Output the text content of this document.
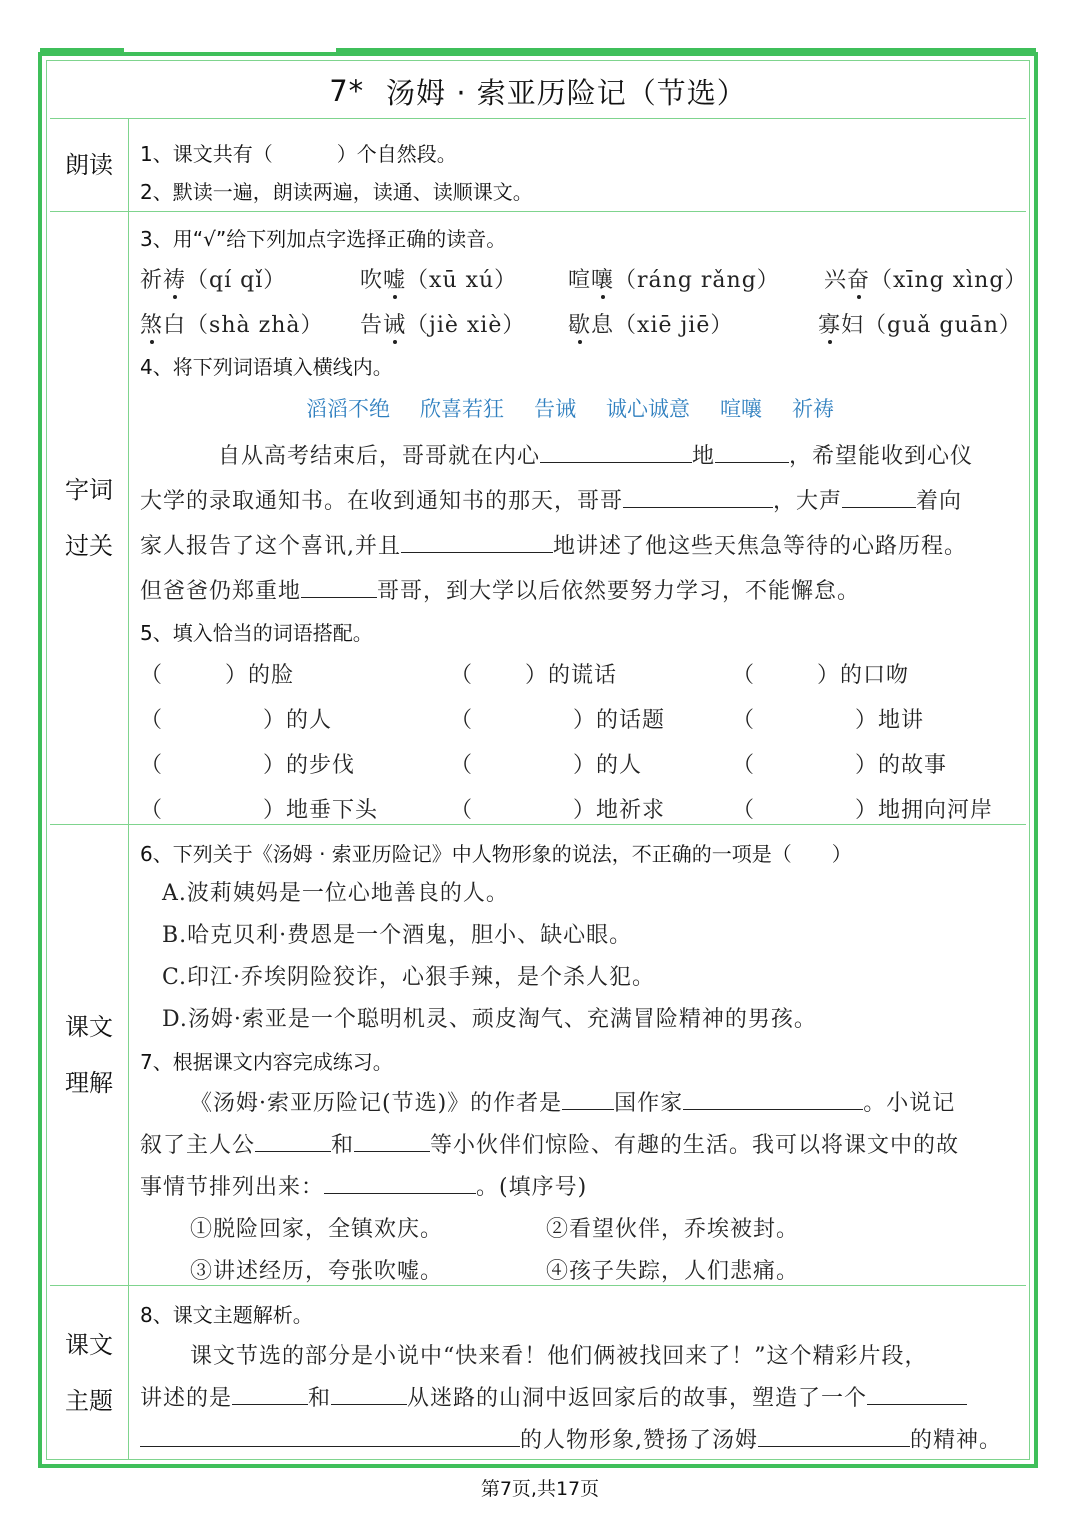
7* 汤姆 · 索亚历险记（节选）
朗读 1、课文共有（	）个自然段。
2、默读一遍，朗读两遍，读通、读顺课文。
字词
过关
3、用“√”给下列加点字选择正确的读音。
祈祷（qí qǐ）	吹嘘（xū xú） 喧嚷（ráng rǎng） 兴奋（xīng xìng）
煞白（shà zhà） 告诫（jiè xiè） 歇息（xiē jiē）	寡妇（guǎ guān）
4、将下列词语填入横线内。
滔滔不绝 欣喜若狂 告诫 诚心诚意 喧嚷 祈祷
自从高考结束后，哥哥就在内心	地	，希望能收到心仪
大学的录取通知书。在收到通知书的那天，哥哥	，大声	着向
家人报告了这个喜讯,并且	地讲述了他这些天焦急等待的心路历程。
但爸爸仍郑重地	哥哥，到大学以后依然要努力学习，不能懈怠。
5、填入恰当的词语搭配。
（	）的脸	（ ）的谎话	（	）的口吻
（	）的人	（	）的话题	（	）地讲
（	）的步伐	（	）的人	（	）的故事
（	）地垂下头	（	）地祈求	（	）地拥向河岸
课文
理解
6、下列关于《汤姆 · 索亚历险记》中人物形象的说法，不正确的一项是（ ）
A.波莉姨妈是一位心地善良的人。
B.哈克贝利·费恩是一个酒鬼，胆小、缺心眼。
C.印江·乔埃阴险狡诈，心狠手辣，是个杀人犯。
D.汤姆·索亚是一个聪明机灵、顽皮淘气、充满冒险精神的男孩。
7、根据课文内容完成练习。
《汤姆·索亚历险记(节选)》的作者是 国作家	。小说记
叙了主人公	和	等小伙伴们惊险、有趣的生活。我可以将课文中的故
事情节排列出来：	。(填序号)
①脱险回家，全镇欢庆。	②看望伙伴，乔埃被封。
③讲述经历，夸张吹嘘。	④孩子失踪，人们悲痛。
课文
主题
8、课文主题解析。
课文节选的部分是小说中“快来看！他们俩被找回来了！”这个精彩片段，
讲述的是	和	从迷路的山洞中返回家后的故事，塑造了一个
的人物形象,赞扬了汤姆	的精神。
第7页,共17页
